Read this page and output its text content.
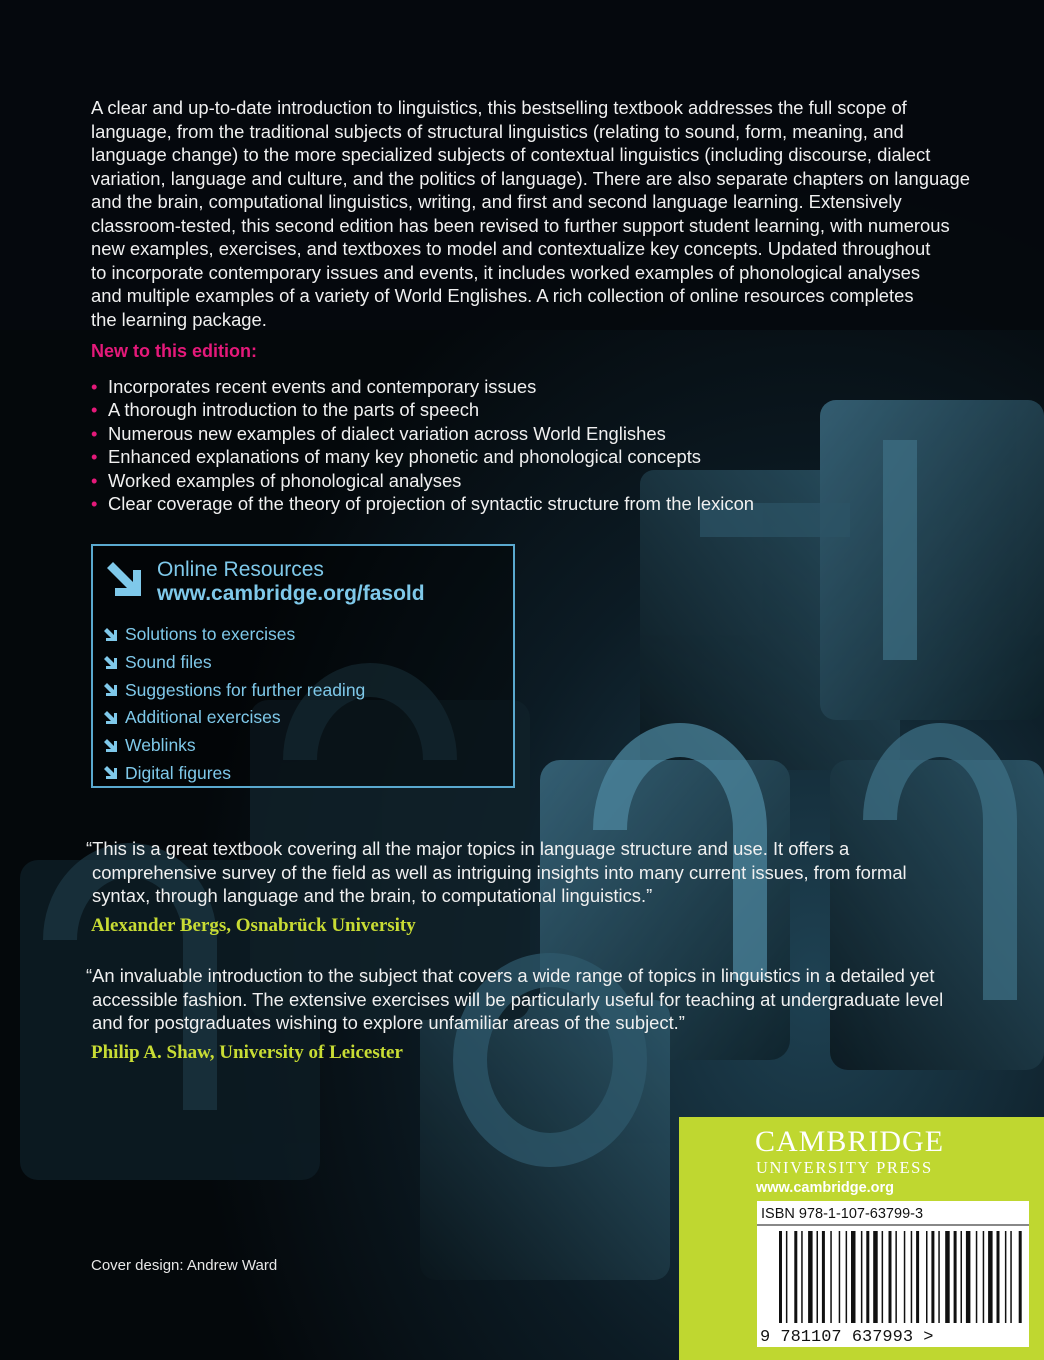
A clear and up-to-date introduction to linguistics, this bestselling textbook addresses the full scope of
language, from the traditional subjects of structural linguistics (relating to sound, form, meaning, and
language change) to the more specialized subjects of contextual linguistics (including discourse, dialect
variation, language and culture, and the politics of language). There are also separate chapters on language
and the brain, computational linguistics, writing, and first and second language learning. Extensively
classroom-tested, this second edition has been revised to further support student learning, with numerous
new examples, exercises, and textboxes to model and contextualize key concepts. Updated throughout
to incorporate contemporary issues and events, it includes worked examples of phonological analyses
and multiple examples of a variety of World Englishes. A rich collection of online resources completes
the learning package.
New to this edition:
• Incorporates recent events and contemporary issues
• A thorough introduction to the parts of speech
• Numerous new examples of dialect variation across World Englishes
• Enhanced explanations of many key phonetic and phonological concepts
• Worked examples of phonological analyses
• Clear coverage of the theory of projection of syntactic structure from the lexicon
Online Resources
www.cambridge.org/fasold
Solutions to exercises
Sound files
Suggestions for further reading
Additional exercises
Weblinks
Digital figures
“This is a great textbook covering all the major topics in language structure and use. It offers a
comprehensive survey of the field as well as intriguing insights into many current issues, from formal
syntax, through language and the brain, to computational linguistics.”
Alexander Bergs, Osnabrück University
“An invaluable introduction to the subject that covers a wide range of topics in linguistics in a detailed yet
accessible fashion. The extensive exercises will be particularly useful for teaching at undergraduate level
and for postgraduates wishing to explore unfamiliar areas of the subject.”
Philip A. Shaw, University of Leicester
CAMBRIDGE
UNIVERSITY PRESS
www.cambridge.org
ISBN 978-1-107-63799-3
9 781107 637993 >
Cover design: Andrew Ward
